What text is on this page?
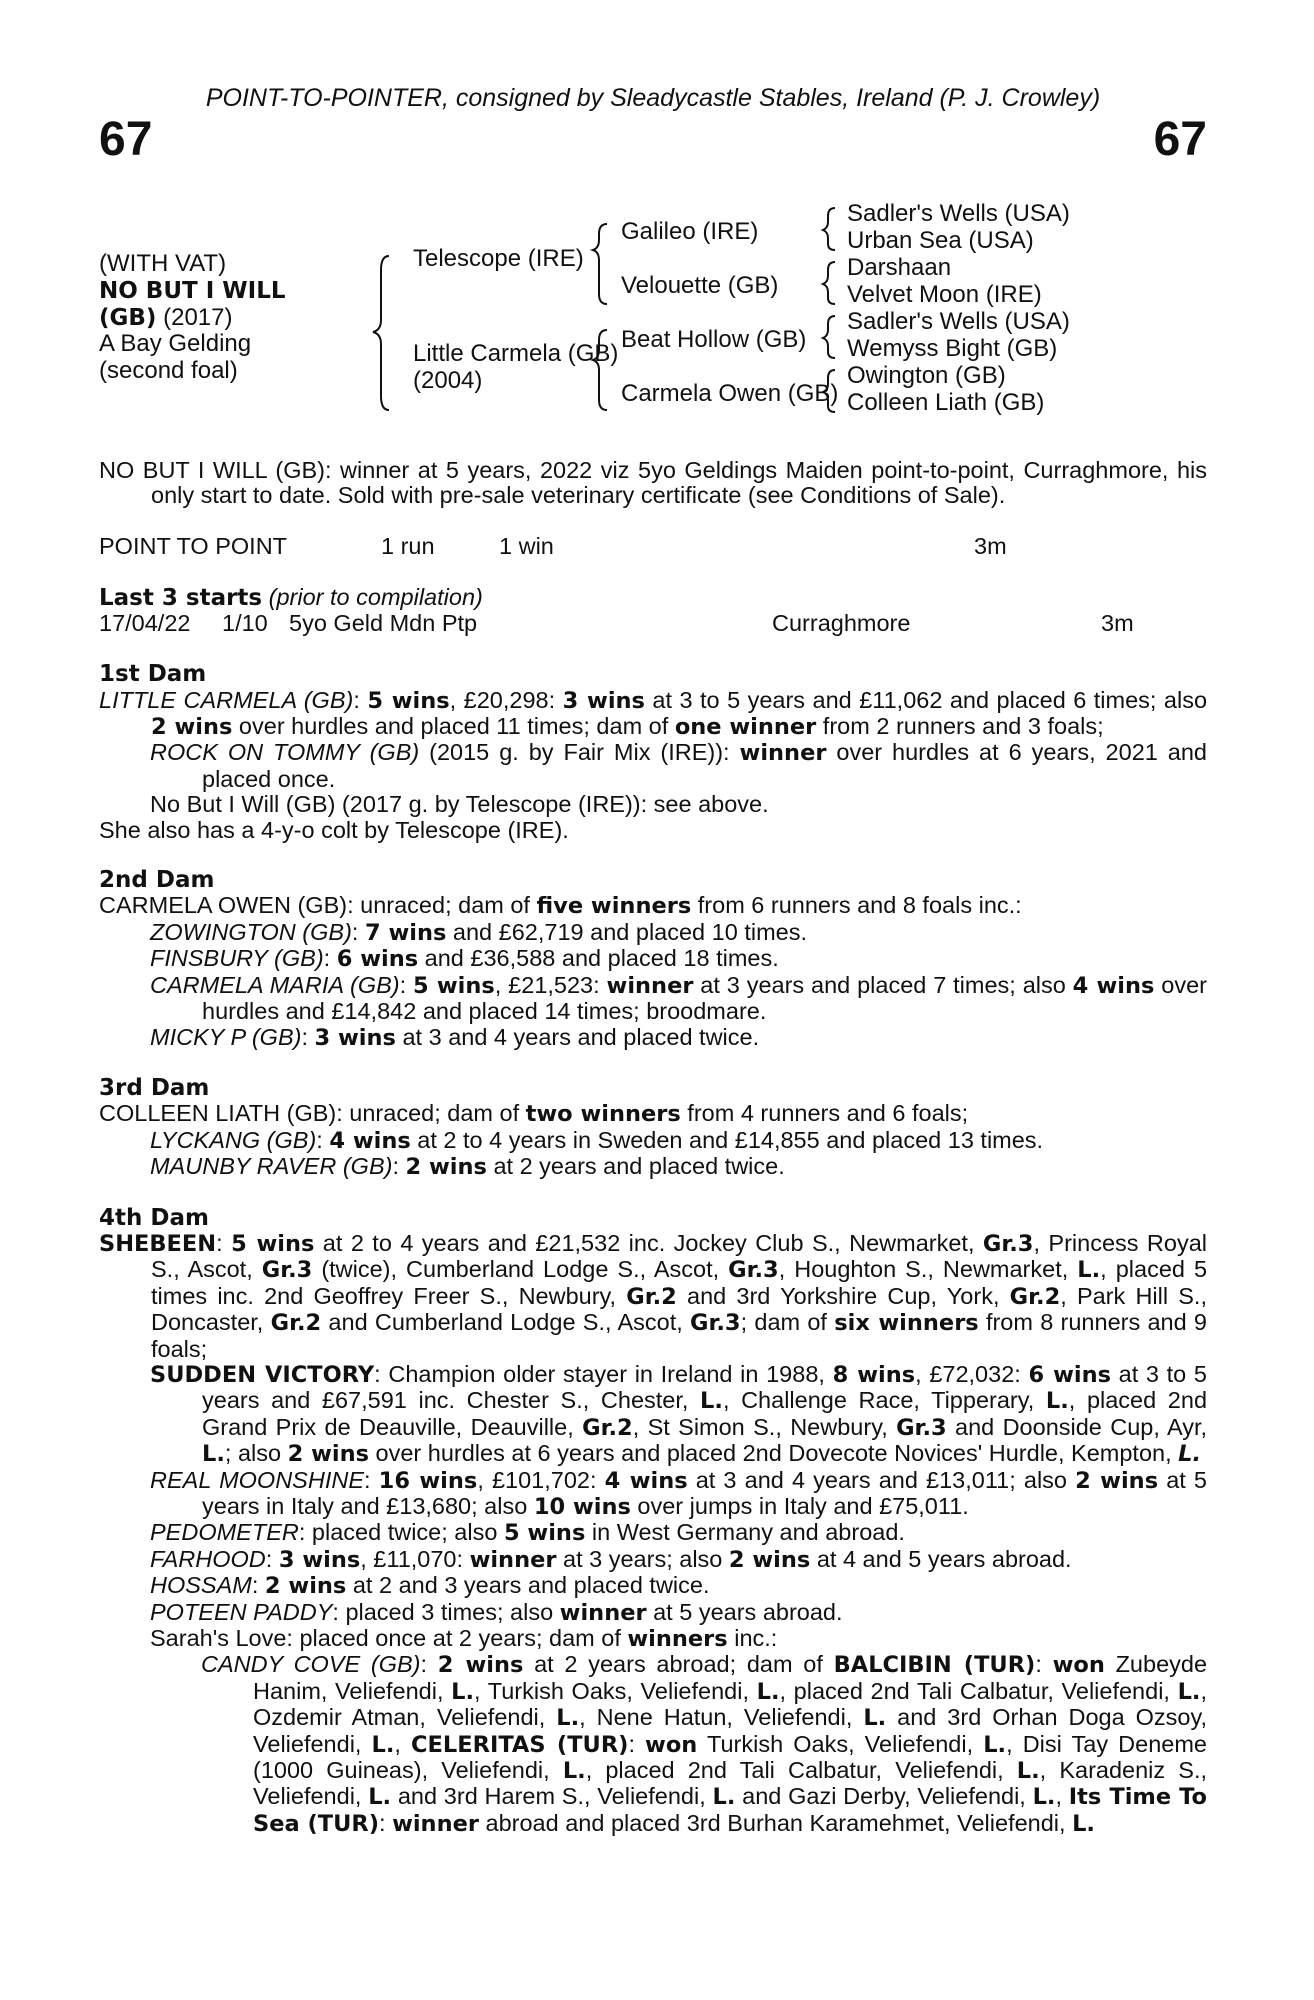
POINT-TO-POINTER, consigned by Sleadycastle Stables, Ireland (P. J. Crowley)
67	67
(WITH VAT)
NO BUT I WILL
(GB) (2017)
A Bay Gelding
(second foal)
Telescope (IRE)
Little Carmela (GB)
(2004)
Galileo (IRE)
Velouette (GB)
Beat Hollow (GB)
Carmela Owen (GB)
Sadler's Wells (USA)
Urban Sea (USA)
Darshaan
Velvet Moon (IRE)
Sadler's Wells (USA)
Wemyss Bight (GB)
Owington (GB)
Colleen Liath (GB)

NO BUT I WILL (GB): winner at 5 years, 2022 viz 5yo Geldings Maiden point-to-point, Curraghmore, his only start to date. Sold with pre-sale veterinary certificate (see Conditions of Sale).

POINT TO POINT	1 run	1 win	3m

Last 3 starts (prior to compilation)

17/04/22 1/10 5yo Geld Mdn Ptp	Curraghmore	3m

1st Dam

LITTLE CARMELA (GB): 5 wins, £20,298: 3 wins at 3 to 5 years and £11,062 and placed 6 times; also 2 wins over hurdles and placed 11 times; dam of one winner from 2 runners and 3 foals;

ROCK ON TOMMY (GB) (2015 g. by Fair Mix (IRE)): winner over hurdles at 6 years, 2021 and placed once.

No But I Will (GB) (2017 g. by Telescope (IRE)): see above.

She also has a 4-y-o colt by Telescope (IRE).

2nd Dam

CARMELA OWEN (GB): unraced; dam of five winners from 6 runners and 8 foals inc.:

ZOWINGTON (GB): 7 wins and £62,719 and placed 10 times.

FINSBURY (GB): 6 wins and £36,588 and placed 18 times.

CARMELA MARIA (GB): 5 wins, £21,523: winner at 3 years and placed 7 times; also 4 wins over hurdles and £14,842 and placed 14 times; broodmare.

MICKY P (GB): 3 wins at 3 and 4 years and placed twice.

3rd Dam

COLLEEN LIATH (GB): unraced; dam of two winners from 4 runners and 6 foals;

LYCKANG (GB): 4 wins at 2 to 4 years in Sweden and £14,855 and placed 13 times.

MAUNBY RAVER (GB): 2 wins at 2 years and placed twice.

4th Dam

SHEBEEN: 5 wins at 2 to 4 years and £21,532 inc. Jockey Club S., Newmarket, Gr.3, Princess Royal S., Ascot, Gr.3 (twice), Cumberland Lodge S., Ascot, Gr.3, Houghton S., Newmarket, L., placed 5 times inc. 2nd Geoffrey Freer S., Newbury, Gr.2 and 3rd Yorkshire Cup, York, Gr.2, Park Hill S., Doncaster, Gr.2 and Cumberland Lodge S., Ascot, Gr.3; dam of six winners from 8 runners and 9 foals;

SUDDEN VICTORY: Champion older stayer in Ireland in 1988, 8 wins, £72,032: 6 wins at 3 to 5 years and £67,591 inc. Chester S., Chester, L., Challenge Race, Tipperary, L., placed 2nd Grand Prix de Deauville, Deauville, Gr.2, St Simon S., Newbury, Gr.3 and Doonside Cup, Ayr, L.; also 2 wins over hurdles at 6 years and placed 2nd Dovecote Novices' Hurdle, Kempton, L.

REAL MOONSHINE: 16 wins, £101,702: 4 wins at 3 and 4 years and £13,011; also 2 wins at 5 years in Italy and £13,680; also 10 wins over jumps in Italy and £75,011.

PEDOMETER: placed twice; also 5 wins in West Germany and abroad.

FARHOOD: 3 wins, £11,070: winner at 3 years; also 2 wins at 4 and 5 years abroad.

HOSSAM: 2 wins at 2 and 3 years and placed twice.

POTEEN PADDY: placed 3 times; also winner at 5 years abroad.

Sarah's Love: placed once at 2 years; dam of winners inc.:

CANDY COVE (GB): 2 wins at 2 years abroad; dam of BALCIBIN (TUR): won Zubeyde Hanim, Veliefendi, L., Turkish Oaks, Veliefendi, L., placed 2nd Tali Calbatur, Veliefendi, L., Ozdemir Atman, Veliefendi, L., Nene Hatun, Veliefendi, L. and 3rd Orhan Doga Ozsoy, Veliefendi, L., CELERITAS (TUR): won Turkish Oaks, Veliefendi, L., Disi Tay Deneme (1000 Guineas), Veliefendi, L., placed 2nd Tali Calbatur, Veliefendi, L., Karadeniz S., Veliefendi, L. and 3rd Harem S., Veliefendi, L. and Gazi Derby, Veliefendi, L., Its Time To Sea (TUR): winner abroad and placed 3rd Burhan Karamehmet, Veliefendi, L.
